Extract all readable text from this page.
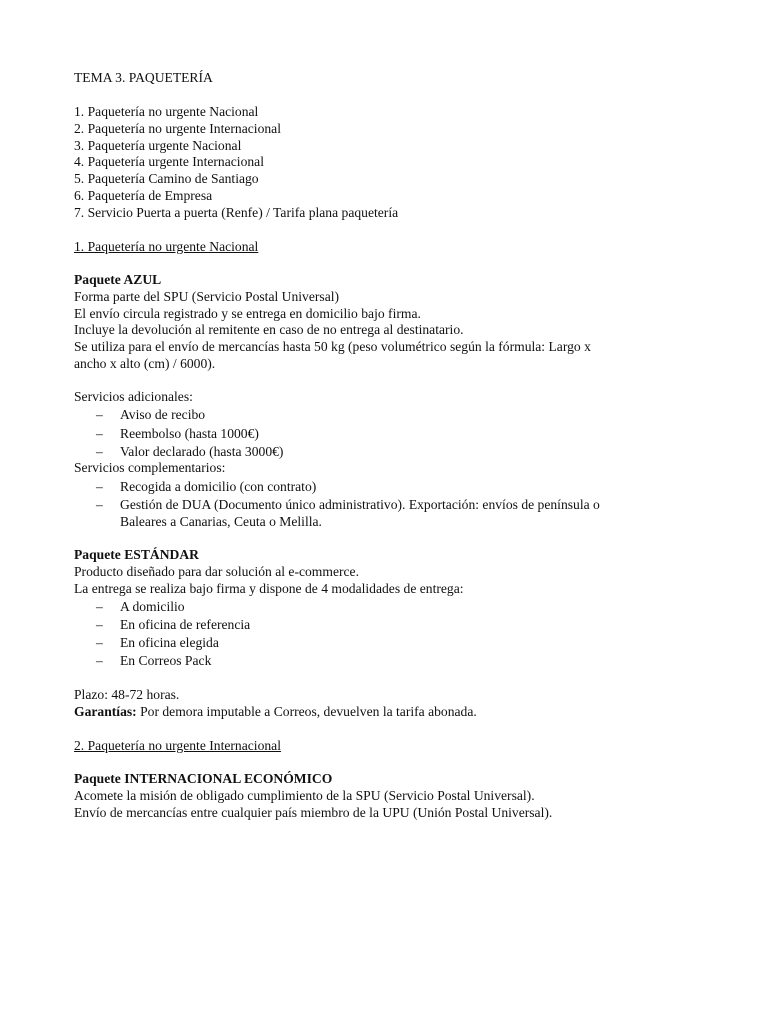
TEMA 3. PAQUETERÍA
1. Paquetería no urgente Nacional
2. Paquetería no urgente Internacional
3. Paquetería urgente Nacional
4. Paquetería urgente Internacional
5. Paquetería Camino de Santiago
6. Paquetería de Empresa
7. Servicio Puerta a puerta (Renfe) / Tarifa plana paquetería
1. Paquetería no urgente Nacional
Paquete AZUL
Forma parte del SPU (Servicio Postal Universal)
El envío circula registrado y se entrega en domicilio bajo firma.
Incluye la devolución al remitente en caso de no entrega al destinatario.
Se utiliza para el envío de mercancías hasta 50 kg (peso volumétrico según la fórmula: Largo x
ancho x alto (cm) / 6000).
Servicios adicionales:
– Aviso de recibo
– Reembolso (hasta 1000€)
– Valor declarado (hasta 3000€)
Servicios complementarios:
– Recogida a domicilio (con contrato)
– Gestión de DUA (Documento único administrativo). Exportación: envíos de península o
Baleares a Canarias, Ceuta o Melilla.
Paquete ESTÁNDAR
Producto diseñado para dar solución al e-commerce.
La entrega se realiza bajo firma y dispone de 4 modalidades de entrega:
– A domicilio
– En oficina de referencia
– En oficina elegida
– En Correos Pack
Plazo: 48-72 horas.
Garantías: Por demora imputable a Correos, devuelven la tarifa abonada.
2. Paquetería no urgente Internacional
Paquete INTERNACIONAL ECONÓMICO
Acomete la misión de obligado cumplimiento de la SPU (Servicio Postal Universal).
Envío de mercancías entre cualquier país miembro de la UPU (Unión Postal Universal).
